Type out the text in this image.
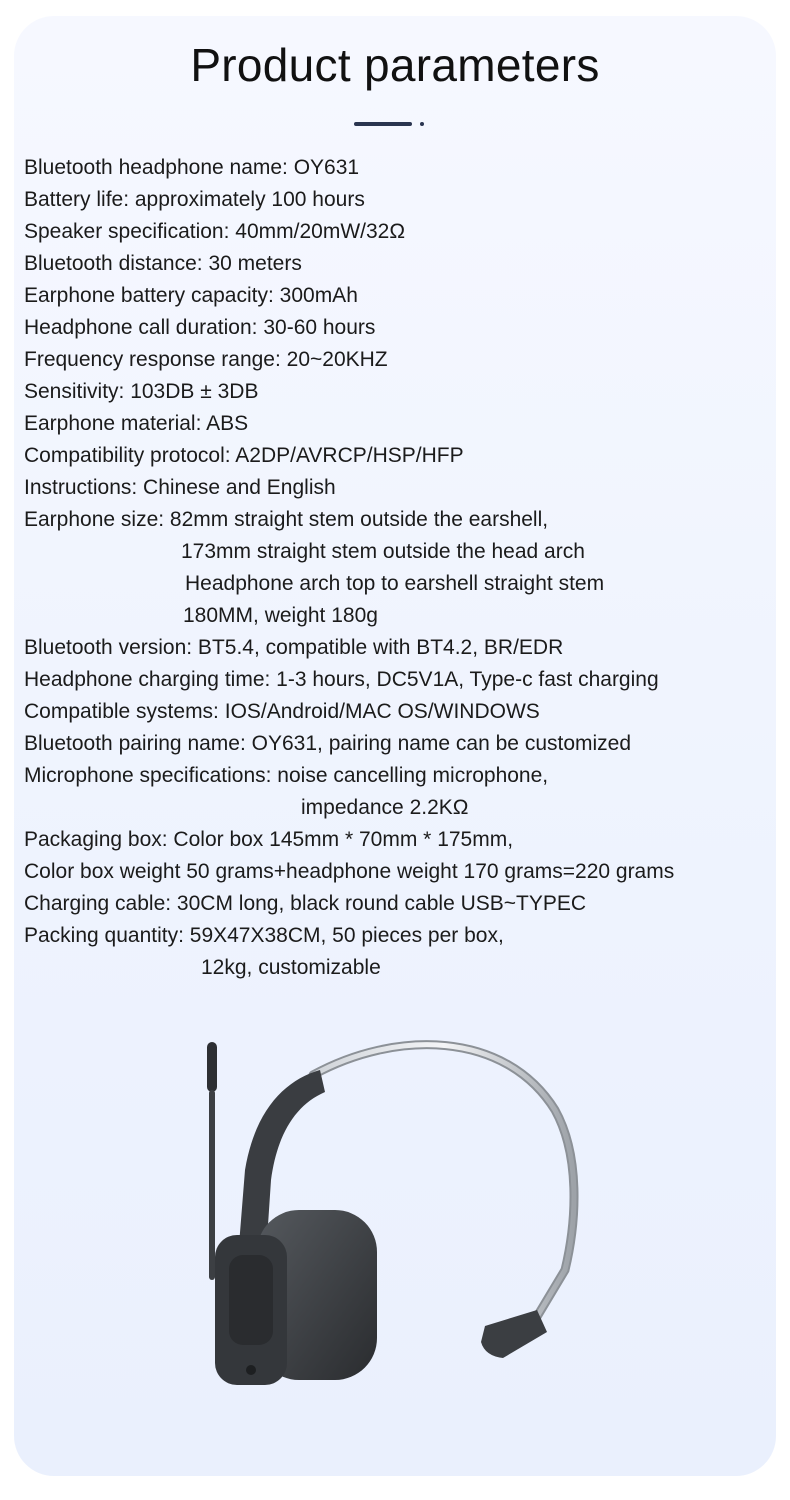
Product parameters
Bluetooth headphone name: OY631
Battery life: approximately 100 hours
Speaker specification: 40mm/20mW/32Ω
Bluetooth distance: 30 meters
Earphone battery capacity: 300mAh
Headphone call duration: 30-60 hours
Frequency response range: 20~20KHZ
Sensitivity: 103DB ± 3DB
Earphone material: ABS
Compatibility protocol: A2DP/AVRCP/HSP/HFP
Instructions: Chinese and English
Earphone size: 82mm straight stem outside the earshell,
173mm straight stem outside the head arch
Headphone arch top to earshell straight stem
180MM, weight 180g
Bluetooth version: BT5.4, compatible with BT4.2, BR/EDR
Headphone charging time: 1-3 hours, DC5V1A, Type-c fast charging
Compatible systems: IOS/Android/MAC OS/WINDOWS
Bluetooth pairing name: OY631, pairing name can be customized
Microphone specifications: noise cancelling microphone,
impedance 2.2KΩ
Packaging box: Color box 145mm * 70mm * 175mm,
Color box weight 50 grams+headphone weight 170 grams=220 grams
Charging cable: 30CM long, black round cable USB~TYPEC
Packing quantity: 59X47X38CM, 50 pieces per box,
12kg, customizable
